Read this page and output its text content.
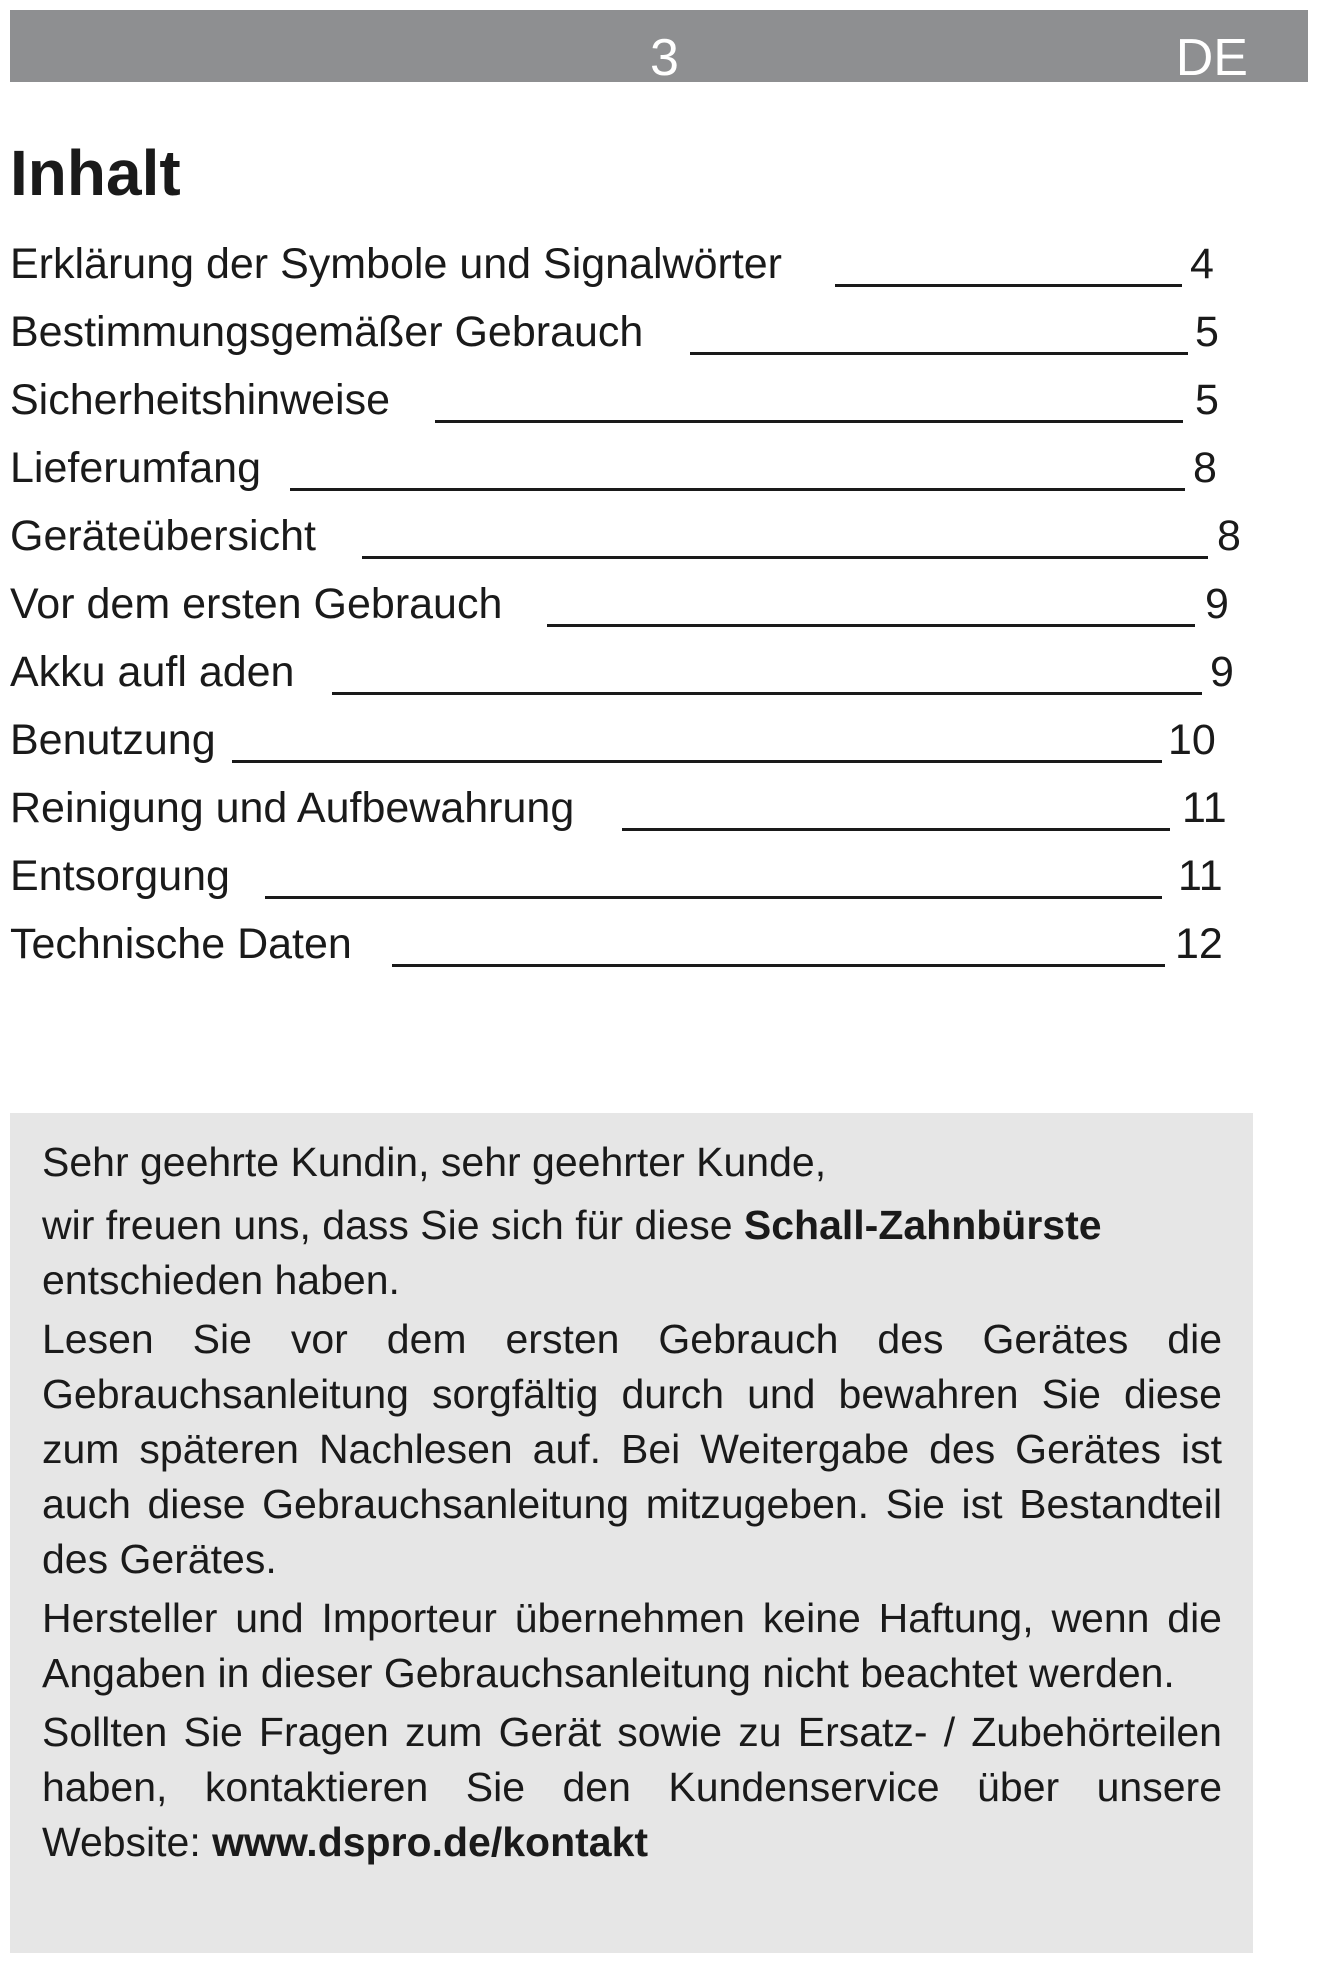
3	DE
Inhalt
Erklärung der Symbole und Signalwörter	4
Bestimmungsgemäßer Gebrauch	5
Sicherheitshinweise	5
Lieferumfang	8
Geräteübersicht	8
Vor dem ersten Gebrauch	9
Akku aufl aden	9
Benutzung	10
Reinigung und Aufbewahrung	11
Entsorgung	11
Technische Daten	12

Sehr geehrte Kundin, sehr geehrter Kunde,

wir freuen uns, dass Sie sich für diese Schall-Zahnbürste entschieden haben.

Lesen Sie vor dem ersten Gebrauch des Gerätes die Gebrauchsanleitung sorgfältig durch und bewahren Sie diese zum späteren Nachlesen auf. Bei Weitergabe des Gerätes ist auch diese Gebrauchsanleitung mitzugeben. Sie ist Bestandteil des Gerätes.

Hersteller und Importeur übernehmen keine Haftung, wenn die Angaben in dieser Gebrauchsanleitung nicht beachtet werden.

Sollten Sie Fragen zum Gerät sowie zu Ersatz- / Zubehörteilen haben, kontaktieren Sie den Kundenservice über unsere Website: www.dspro.de/kontakt
